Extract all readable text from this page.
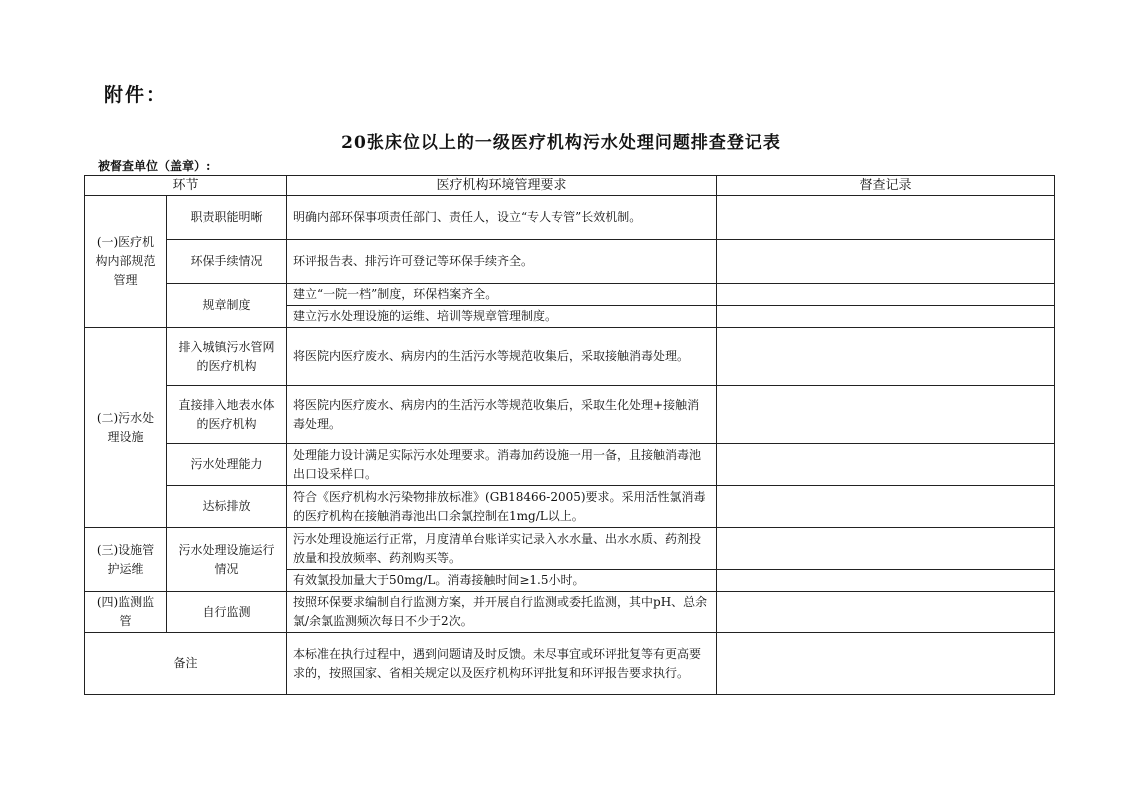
附件：
20张床位以上的一级医疗机构污水处理问题排查登记表
被督查单位（盖章）:
环节		医疗机构环境管理要求	督查记录
(一)医疗机构内部规范管理	职责职能明晰	明确内部环保事项责任部门、责任人，设立“专人专管”长效机制。	
	环保手续情况	环评报告表、排污许可登记等环保手续齐全。	
	规章制度	建立“一院一档”制度，环保档案齐全。	
		建立污水处理设施的运维、培训等规章管理制度。	
(二)污水处理设施	排入城镇污水管网的医疗机构	将医院内医疗废水、病房内的生活污水等规范收集后，采取接触消毒处理。	
	直接排入地表水体的医疗机构	将医院内医疗废水、病房内的生活污水等规范收集后，采取生化处理+接触消毒处理。	
	污水处理能力	处理能力设计满足实际污水处理要求。消毒加药设施一用一备，且接触消毒池出口设采样口。	
	达标排放	符合《医疗机构水污染物排放标准》(GB18466-2005)要求。采用活性氯消毒的医疗机构在接触消毒池出口余氯控制在1mg/L以上。	
(三)设施管护运维	污水处理设施运行情况	污水处理设施运行正常，月度清单台账详实记录入水水量、出水水质、药剂投放量和投放频率、药剂购买等。	
		有效氯投加量大于50mg/L。消毒接触时间≥1.5小时。	
(四)监测监管	自行监测	按照环保要求编制自行监测方案，并开展自行监测或委托监测，其中pH、总余氯/余氯监测频次每日不少于2次。	
备注		本标准在执行过程中，遇到问题请及时反馈。未尽事宜或环评批复等有更高要求的，按照国家、省相关规定以及医疗机构环评批复和环评报告要求执行。	
